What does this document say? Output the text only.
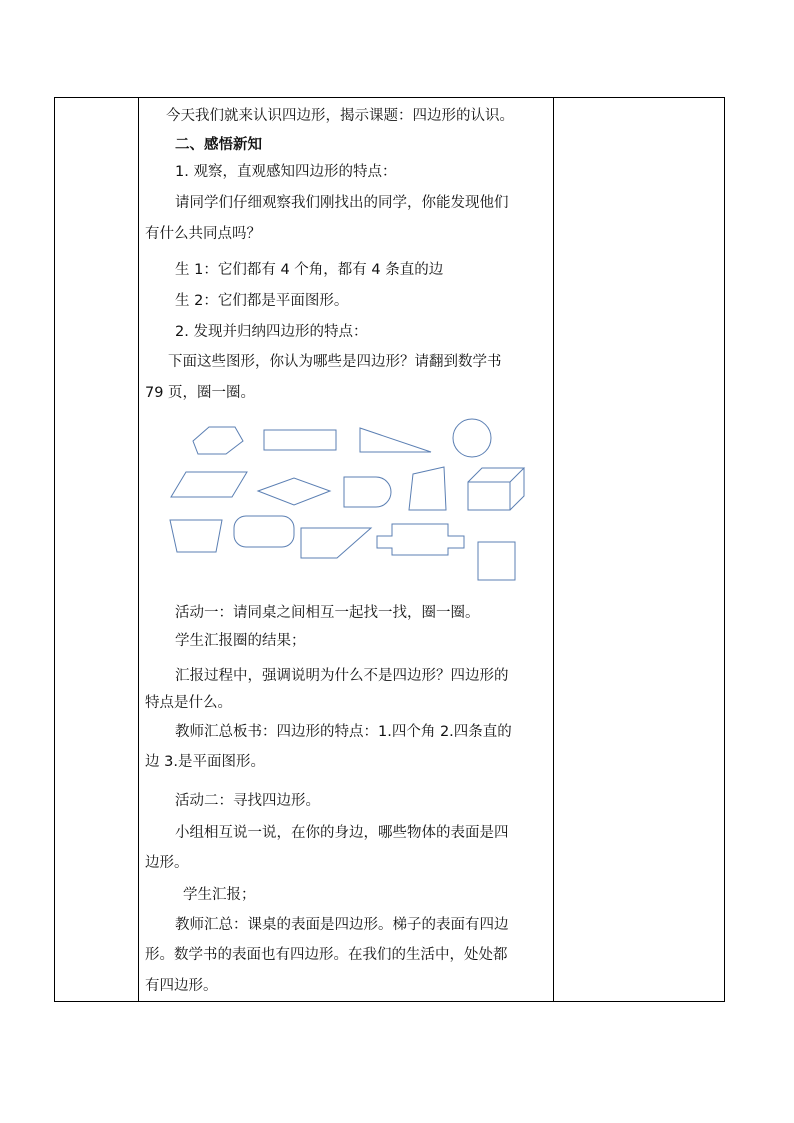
今天我们就来认识四边形，揭示课题：四边形的认识。
二、感悟新知
1. 观察，直观感知四边形的特点：
请同学们仔细观察我们刚找出的同学，你能发现他们
有什么共同点吗？
生 1：它们都有 4 个角，都有 4 条直的边
生 2：它们都是平面图形。
2. 发现并归纳四边形的特点：
下面这些图形，你认为哪些是四边形？请翻到数学书
79 页，圈一圈。
活动一：请同桌之间相互一起找一找，圈一圈。
学生汇报圈的结果；
汇报过程中，强调说明为什么不是四边形？四边形的
特点是什么。
教师汇总板书：四边形的特点：1.四个角 2.四条直的
边 3.是平面图形。
活动二：寻找四边形。
小组相互说一说，在你的身边，哪些物体的表面是四
边形。
学生汇报；
教师汇总：课桌的表面是四边形。梯子的表面有四边
形。数学书的表面也有四边形。在我们的生活中，处处都
有四边形。
